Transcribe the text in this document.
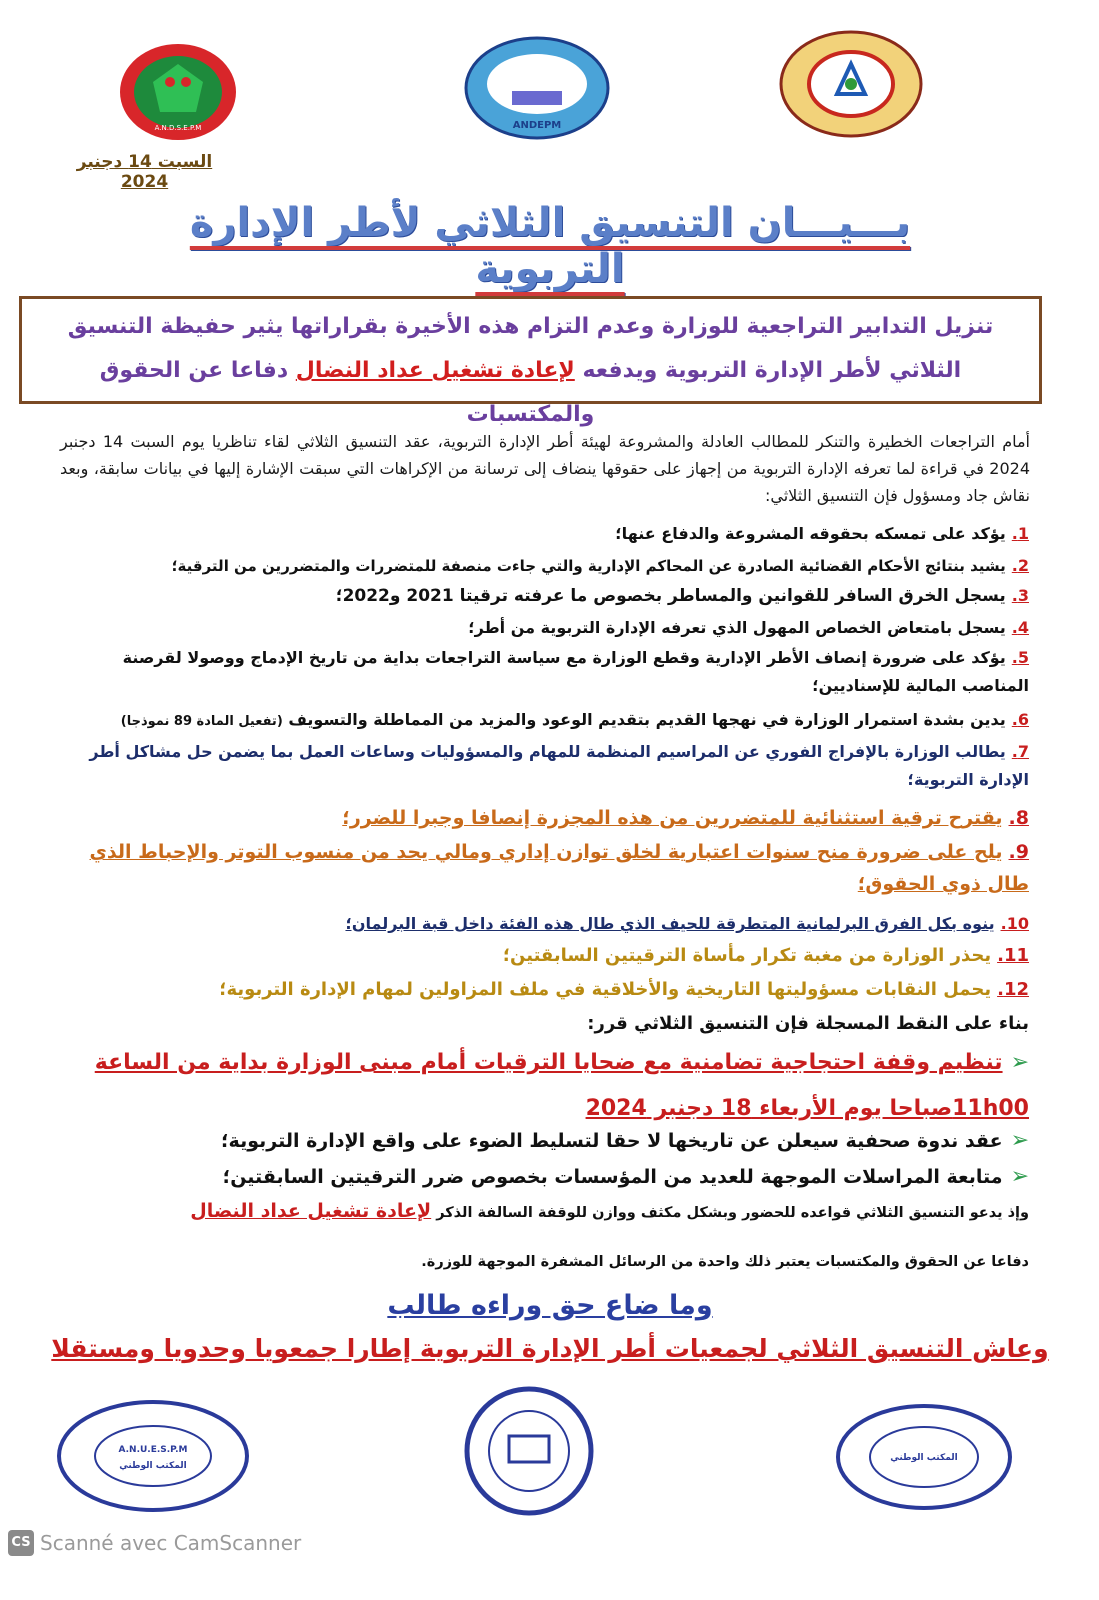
A.N.D.S.E.P.M	ANDEPM
السبت 14 دجنبر 2024
بـــيـــان التنسيق الثلاثي لأطر الإدارة التربوية
تنزيل التدابير التراجعية للوزارة وعدم التزام هذه الأخيرة بقراراتها يثير حفيظة التنسيق الثلاثي لأطر الإدارة التربوية ويدفعه لإعادة تشغيل عداد النضال دفاعا عن الحقوق والمكتسبات
أمام التراجعات الخطيرة والتنكر للمطالب العادلة والمشروعة لهيئة أطر الإدارة التربوية، عقد التنسيق الثلاثي لقاء تناظريا يوم السبت 14 دجنبر 2024 في قراءة لما تعرفه الإدارة التربوية من إجهاز على حقوقها ينضاف إلى ترسانة من الإكراهات التي سبقت الإشارة إليها في بيانات سابقة، وبعد نقاش جاد ومسؤول فإن التنسيق الثلاثي:
1.يؤكد على تمسكه بحقوقه المشروعة والدفاع عنها؛
2.يشيد بنتائج الأحكام القضائية الصادرة عن المحاكم الإدارية والتي جاءت منصفة للمتضررات والمتضررين من الترقية؛
3.يسجل الخرق السافر للقوانين والمساطر بخصوص ما عرفته ترقيتا 2021 و2022؛
4.يسجل بامتعاض الخصاص المهول الذي تعرفه الإدارة التربوية من أطر؛
5.يؤكد على ضرورة إنصاف الأطر الإدارية وقطع الوزارة مع سياسة التراجعات بداية من تاريخ الإدماج ووصولا لقرصنة المناصب المالية للإسناديين؛
6.يدين بشدة استمرار الوزارة في نهجها القديم بتقديم الوعود والمزيد من المماطلة والتسويف (تفعيل المادة 89 نموذجا)
7.يطالب الوزارة بالإفراج الفوري عن المراسيم المنظمة للمهام والمسؤوليات وساعات العمل بما يضمن حل مشاكل أطر الإدارة التربوية؛
8.يقترح ترقية استثنائية للمتضررين من هذه المجزرة إنصافا وجبرا للضرر؛
9.يلح على ضرورة منح سنوات اعتبارية لخلق توازن إداري ومالي يحد من منسوب التوتر والإحباط الذي طال ذوي الحقوق؛
10.ينوه بكل الفرق البرلمانية المتطرقة للحيف الذي طال هذه الفئة داخل قبة البرلمان؛
11.يحذر الوزارة من مغبة تكرار مأساة الترقيتين السابقتين؛
12.يحمل النقابات مسؤوليتها التاريخية والأخلاقية في ملف المزاولين لمهام الإدارة التربوية؛
بناء على النقط المسجلة فإن التنسيق الثلاثي قرر:
➢تنظيم وقفة احتجاجية تضامنية مع ضحايا الترقيات أمام مبنى الوزارة بداية من الساعة 11h00صباحا يوم الأربعاء 18 دجنبر 2024
➢عقد ندوة صحفية سيعلن عن تاريخها لا حقا لتسليط الضوء على واقع الإدارة التربوية؛
➢متابعة المراسلات الموجهة للعديد من المؤسسات بخصوص ضرر الترقيتين السابقتين؛
وإذ يدعو التنسيق الثلاثي قواعده للحضور وبشكل مكثف ووازن للوقفة السالفة الذكر لإعادة تشغيل عداد النضال
دفاعا عن الحقوق والمكتسبات يعتبر ذلك واحدة من الرسائل المشفرة الموجهة للوزرة.
وما ضاع حق وراءه طالب
وعاش التنسيق الثلاثي لجمعيات أطر الإدارة التربوية إطارا جمعويا وحدويا ومستقلا
A.N.U.E.S.P.M
المكتب الوطني
المكتب الوطني
CS Scanné avec CamScanner
